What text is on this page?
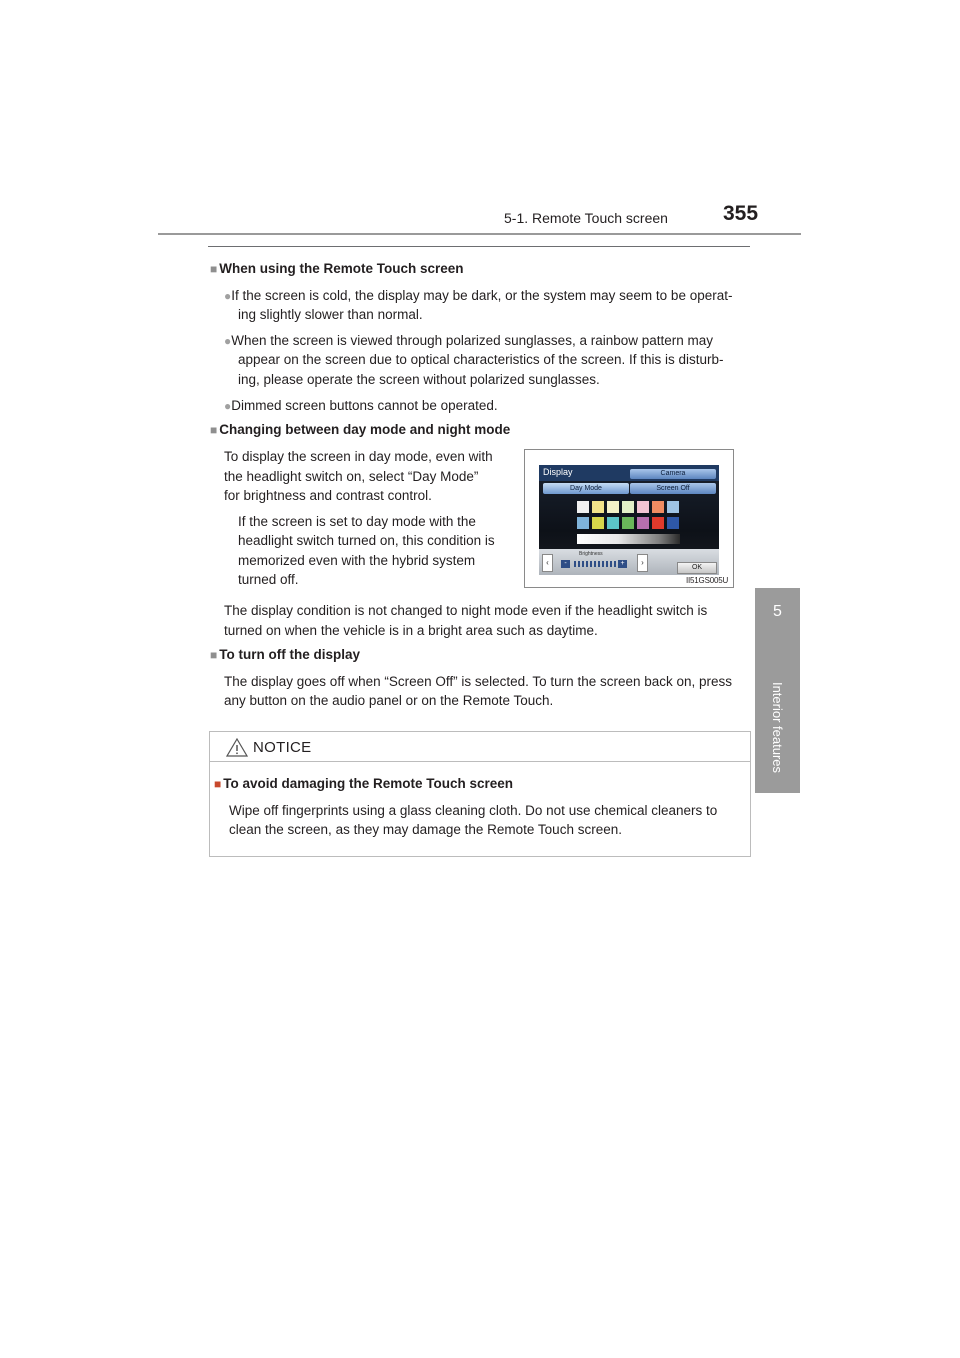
5-1. Remote Touch screen	355
5
Interior features
■ When using the Remote Touch screen
●If the screen is cold, the display may be dark, or the system may seem to be operat-
ing slightly slower than normal.
●When the screen is viewed through polarized sunglasses, a rainbow pattern may
appear on the screen due to optical characteristics of the screen. If this is disturb-
ing, please operate the screen without polarized sunglasses.
●Dimmed screen buttons cannot be operated.
■ Changing between day mode and night mode
To display the screen in day mode, even with
the headlight switch on, select “Day Mode”
for brightness and contrast control.
If the screen is set to day mode with the
headlight switch turned on, this condition is
memorized even with the hybrid system
turned off.
Display	Camera
Day Mode	Screen Off
‹
Brightness
-	+	›
OK
II51GS005U
The display condition is not changed to night mode even if the headlight switch is
turned on when the vehicle is in a bright area such as daytime.
■ To turn off the display
The display goes off when “Screen Off” is selected. To turn the screen back on, press
any button on the audio panel or on the Remote Touch.
NOTICE
■ To avoid damaging the Remote Touch screen
Wipe off fingerprints using a glass cleaning cloth. Do not use chemical cleaners to
clean the screen, as they may damage the Remote Touch screen.
